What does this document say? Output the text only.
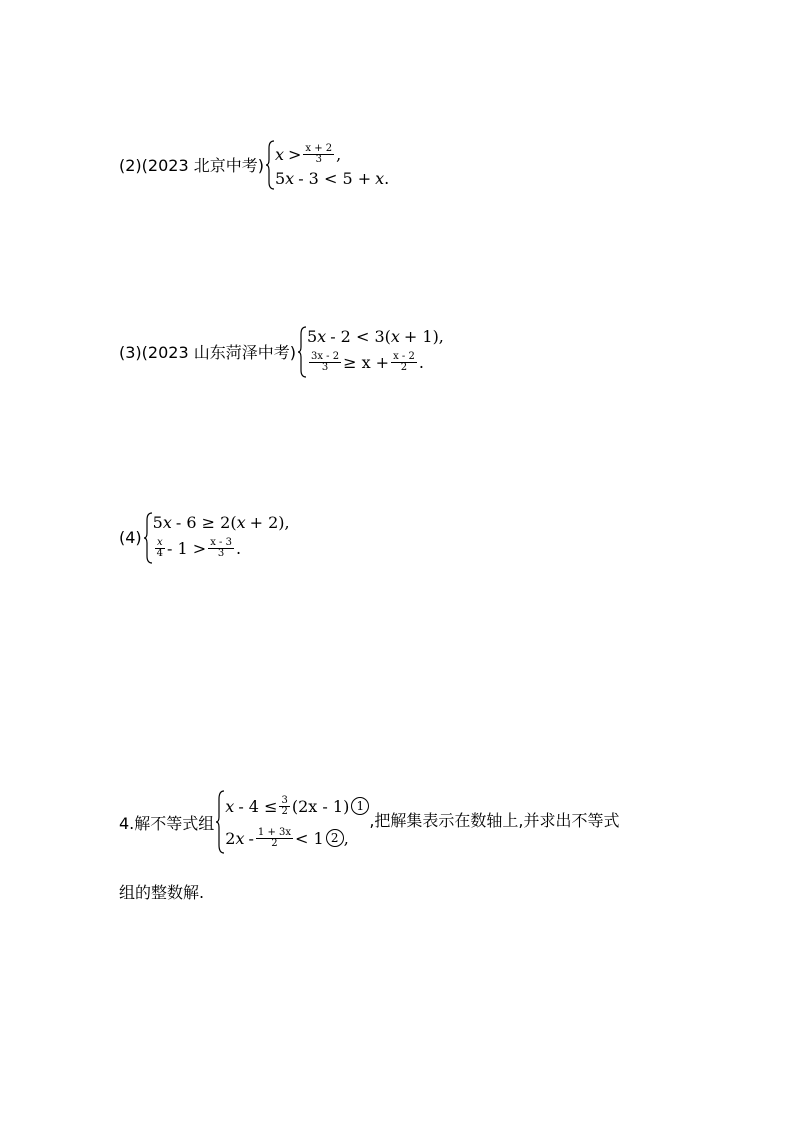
(2)(2023 北京中考)
$x > \frac{x + 2}{3}$ ,
5 x - 3 < 5 + x .
(3)(2023 山东菏泽中考)
5 x - 2 < 3( x + 1),
$\frac{3x - 2}{3} \ge x + \frac{x - 2}{2}$ .
(4)
5 x - 6 ≥ 2( x + 2),
$\frac{x}{4} - 1 > \frac{x - 3}{3}$ .
4.解不等式组
$x - 4 \le \frac{3}{2} (2x - 1)$ 1
2 $x - \frac{1 + 3x}{2} < 1$ 2 ,
,把解集表示在数轴上,并求出不等式
组的整数解.
